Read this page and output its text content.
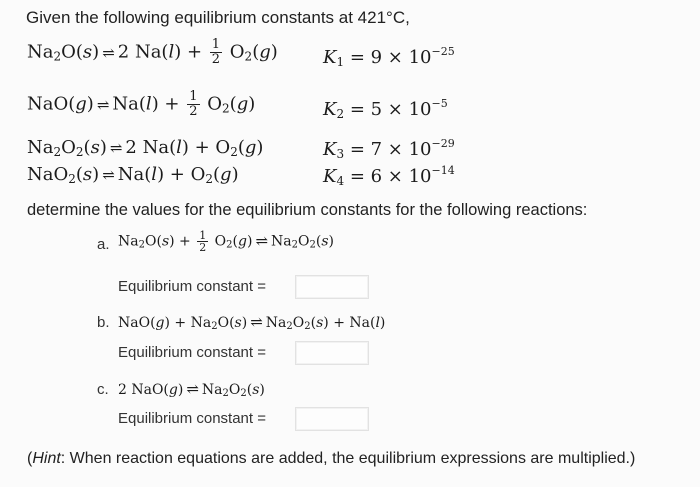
Given the following equilibrium constants at 421°C,
$Na_2O(s)$ ⇌ 2 $Na(l) + \frac{1}{2} O_2(g)$	$K_1 = 9 \times 10^{-25}$
NaO(g) ⇌ $Na(l) + \frac{1}{2} O_2(g)$	$K_2 = 5 \times 10^{-5}$
$Na_2O_2(s)$ ⇌ 2 $Na(l) + O_2(g)$	$K_3 = 7 \times 10^{-29}$
NaO$_2$(s) ⇌ $Na(l) + O_2(g)$	$K_4 = 6 \times 10^{-14}$
determine the values for the equilibrium constants for the following reactions:
a. $Na_2O(s) + \frac{1}{2} O_2(g)$ ⇌ $Na_2O_2(s)$
Equilibrium constant =
b. $NaO(g) + Na_2O(s)$ ⇌ $Na_2O_2(s) + Na(l)$
Equilibrium constant =
c. 2 NaO(g) ⇌ $Na_2O_2(s)$
Equilibrium constant =
(Hint: When reaction equations are added, the equilibrium expressions are multiplied.)
